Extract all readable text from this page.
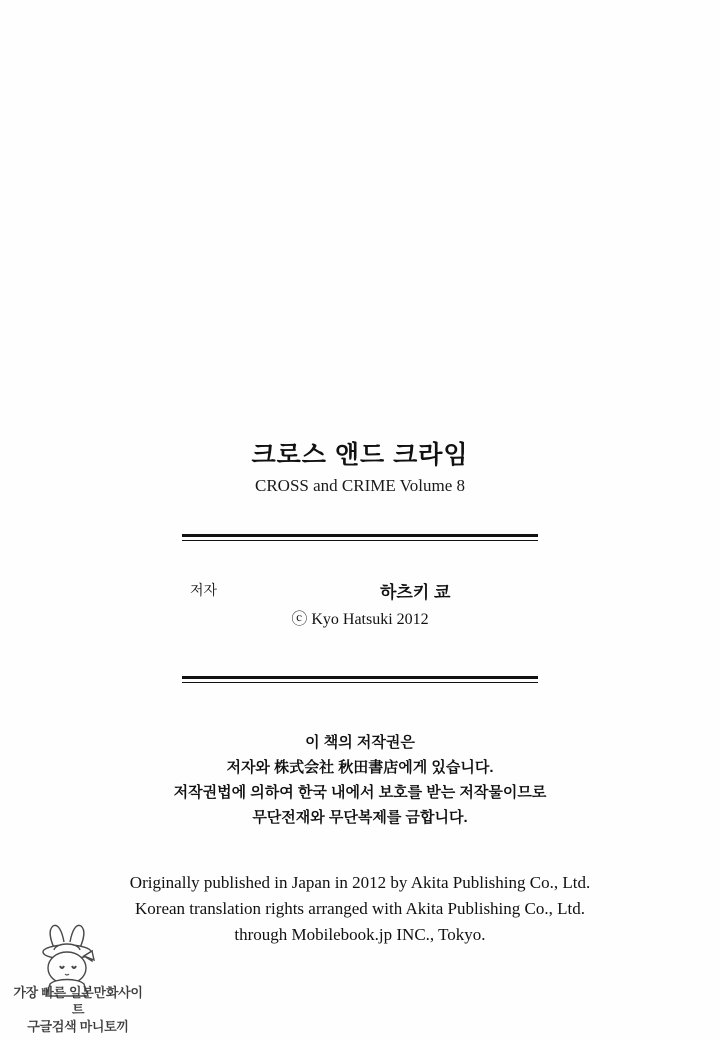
크로스 앤드 크라임

CROSS and CRIME Volume 8

저자	하츠키 쿄
ⓒ Kyo Hatsuki 2012
이 책의 저작권은
저자와 株式会社 秋田書店에게 있습니다.
저작권법에 의하여 한국 내에서 보호를 받는 저작물이므로
무단전재와 무단복제를 금합니다.
Originally published in Japan in 2012 by Akita Publishing Co., Ltd.
Korean translation rights arranged with Akita Publishing Co., Ltd.
through Mobilebook.jp INC., Tokyo.
가장 빠른 일본만화사이트
구글검색 마니토끼
